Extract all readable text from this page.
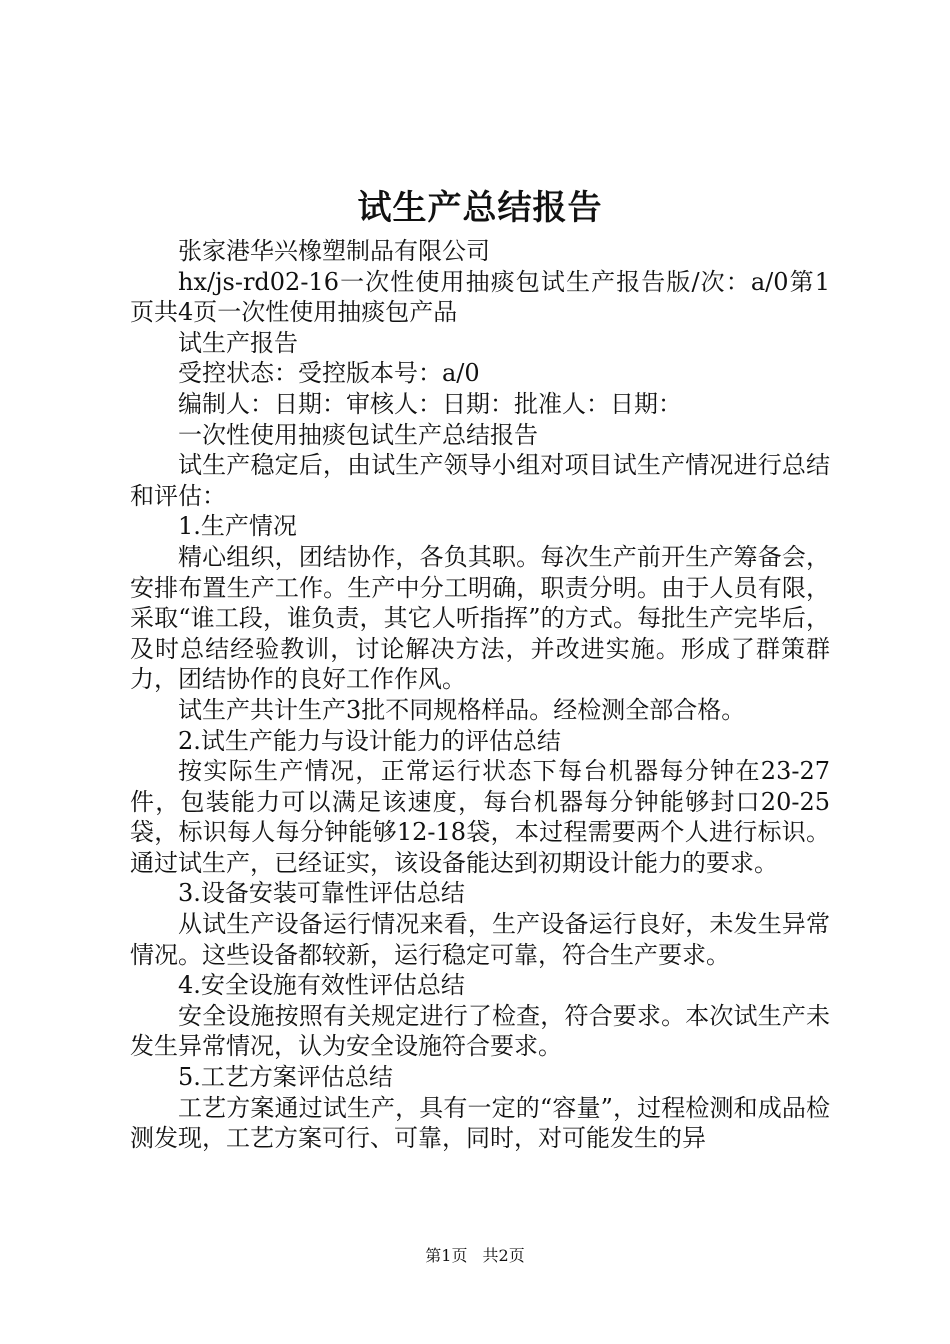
试生产总结报告

张家港华兴橡塑制品有限公司

hx/js-rd02-16一次性使用抽痰包试生产报告版/次：a/0第1页共4页一次性使用抽痰包产品

试生产报告

受控状态：受控版本号：a/0

编制人：日期：审核人：日期：批准人：日期：

一次性使用抽痰包试生产总结报告

试生产稳定后，由试生产领导小组对项目试生产情况进行总结和评估：

1.生产情况

精心组织，团结协作，各负其职。每次生产前开生产筹备会，安排布置生产工作。生产中分工明确，职责分明。由于人员有限，采取“谁工段，谁负责，其它人听指挥”的方式。每批生产完毕后，及时总结经验教训，讨论解决方法，并改进实施。形成了群策群力，团结协作的良好工作作风。

试生产共计生产3批不同规格样品。经检测全部合格。

2.试生产能力与设计能力的评估总结

按实际生产情况，正常运行状态下每台机器每分钟在23-27件，包装能力可以满足该速度，每台机器每分钟能够封口20-25袋，标识每人每分钟能够12-18袋，本过程需要两个人进行标识。通过试生产，已经证实，该设备能达到初期设计能力的要求。

3.设备安装可靠性评估总结

从试生产设备运行情况来看，生产设备运行良好，未发生异常情况。这些设备都较新，运行稳定可靠，符合生产要求。

4.安全设施有效性评估总结

安全设施按照有关规定进行了检查，符合要求。本次试生产未发生异常情况，认为安全设施符合要求。

5.工艺方案评估总结

工艺方案通过试生产，具有一定的“容量”，过程检测和成品检测发现，工艺方案可行、可靠，同时，对可能发生的异

第1页 共2页
